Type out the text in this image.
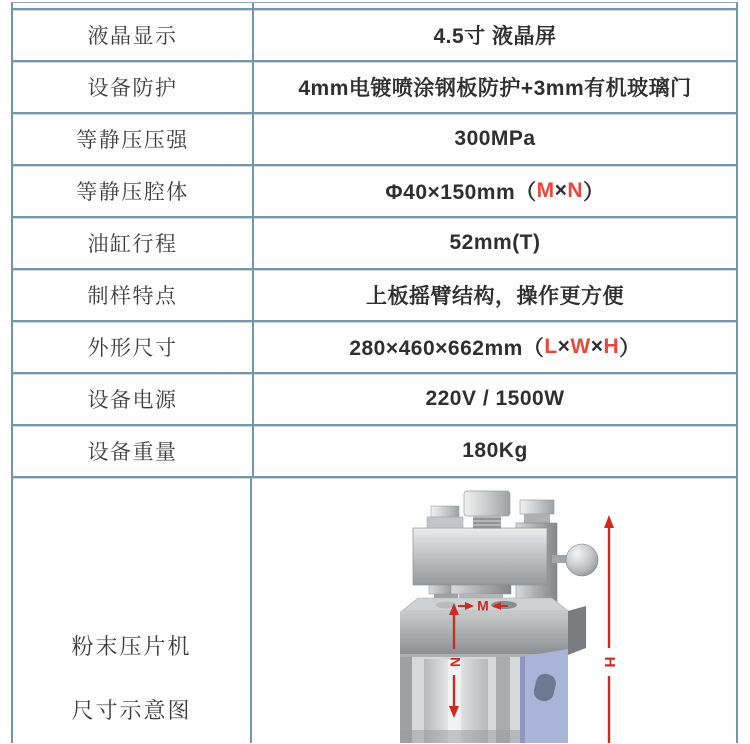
液晶显示	4.5寸 液晶屏
设备防护	4mm电镀喷涂钢板防护+3mm有机玻璃门
等静压压强	300MPa
等静压腔体	Φ40×150mm（ M × N ）
油缸行程	52mm(T)
制样特点	上板摇臂结构，操作更方便
外形尺寸	280×460×662mm（ L × W × H ）
设备电源	220V / 1500W
设备重量	180Kg
粉末压片机
尺寸示意图
H
N
M
